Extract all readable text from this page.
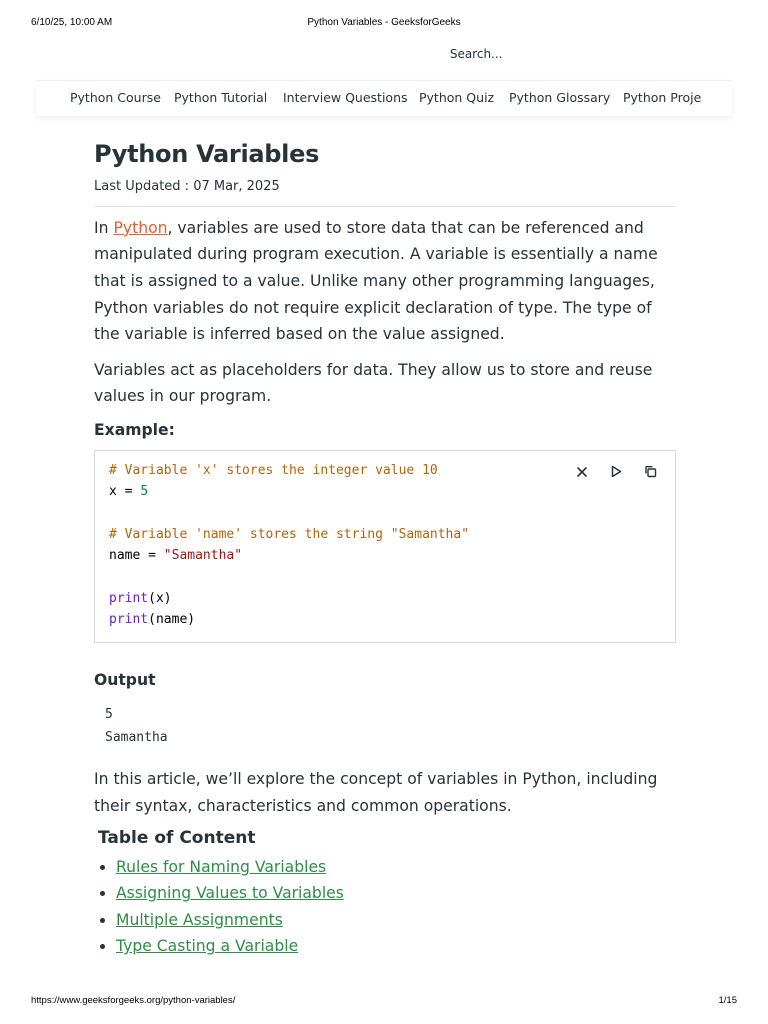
6/10/25, 10:00 AM	Python Variables - GeeksforGeeks
Search...
Python Course Python Tutorial Interview Questions Python Quiz Python Glossary Python Proje
Python Variables
Last Updated : 07 Mar, 2025

In Python, variables are used to store data that can be referenced and manipulated during program execution. A variable is essentially a name that is assigned to a value. Unlike many other programming languages, Python variables do not require explicit declaration of type. The type of the variable is inferred based on the value assigned.

Variables act as placeholders for data. They allow us to store and reuse values in our program.

Example:
# Variable 'x' stores the integer value 10
x = 5

# Variable 'name' stores the string "Samantha"
name = "Samantha"

print(x)
print(name)
Output
5
Samantha

In this article, we’ll explore the concept of variables in Python, including their syntax, characteristics and common operations.

Table of Content
Rules for Naming Variables
Assigning Values to Variables
Multiple Assignments
Type Casting a Variable
https://www.geeksforgeeks.org/python-variables/	1/15
